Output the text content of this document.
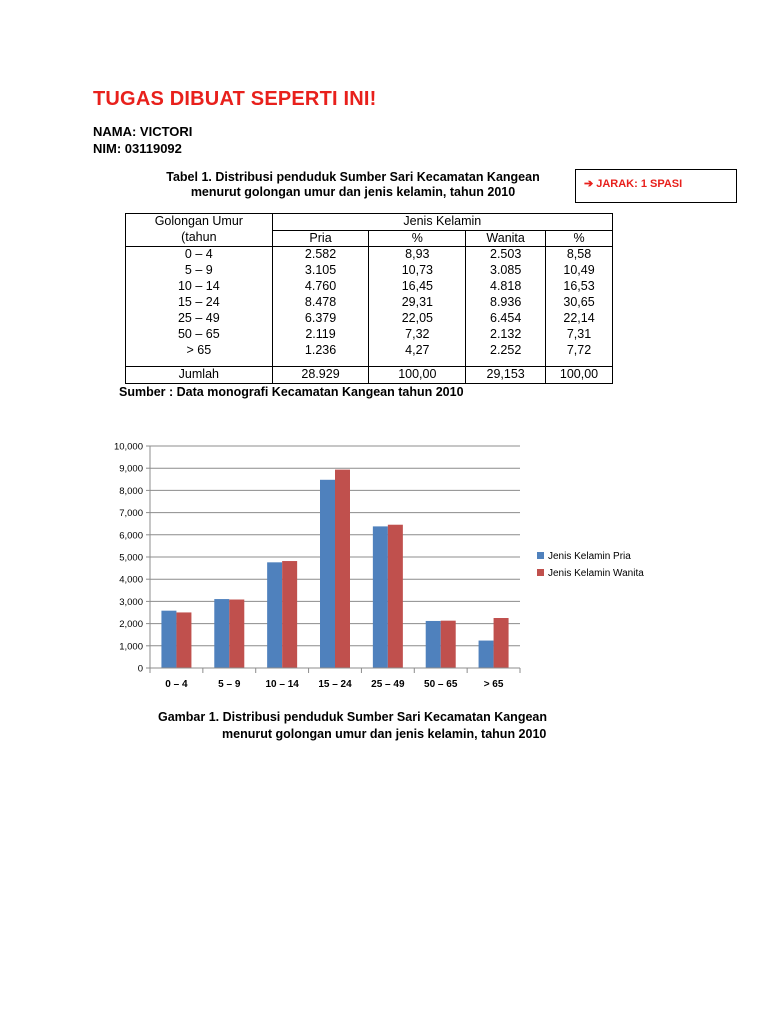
TUGAS DIBUAT SEPERTI INI!
NAMA: VICTORI
NIM: 03119092
Tabel 1. Distribusi penduduk Sumber Sari Kecamatan Kangean
menurut golongan umur dan jenis kelamin, tahun 2010
➔ JARAK: 1 SPASI
Golongan Umur
(tahun	Jenis Kelamin			
	Pria	%	Wanita	%
0 – 4	2.582	8,93	2.503	8,58
5 – 9	3.105	10,73	3.085	10,49
10 – 14	4.760	16,45	4.818	16,53
15 – 24	8.478	29,31	8.936	30,65
25 – 49	6.379	22,05	6.454	22,14
50 – 65	2.119	7,32	2.132	7,31
> 65	1.236	4,27	2.252	7,72
Jumlah	28.929	100,00	29,153	100,00
Sumber : Data monografi Kecamatan Kangean tahun 2010
0
1,000
2,000
3,000
4,000
5,000
6,000
7,000
8,000
9,000
10,000
0 – 4	5 – 9	10 – 14 15 – 24 25 – 49 50 – 65	> 65
Jenis Kelamin Pria
Jenis Kelamin Wanita
Gambar 1. Distribusi penduduk Sumber Sari Kecamatan Kangean
menurut golongan umur dan jenis kelamin, tahun 2010
